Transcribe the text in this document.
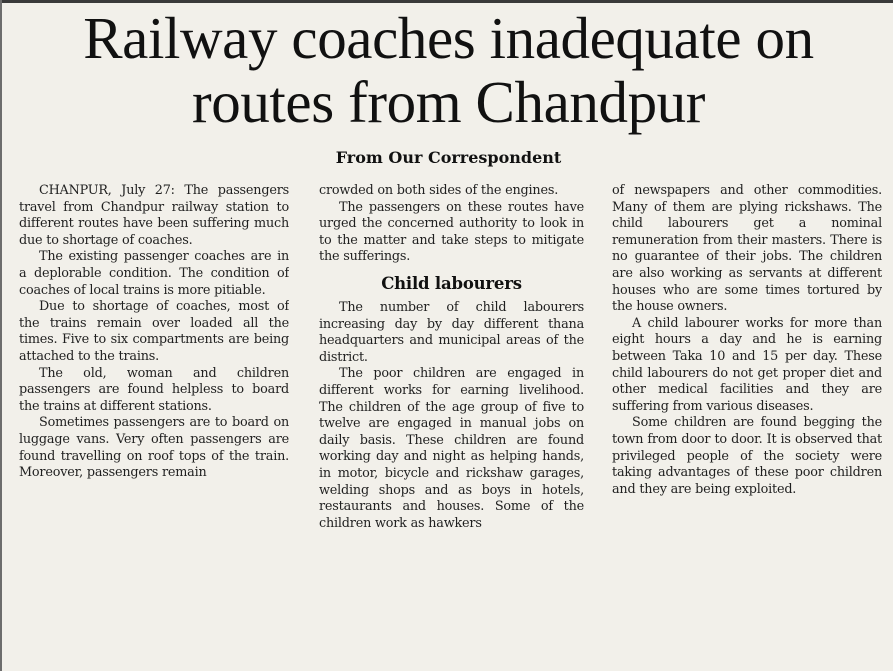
Railway coaches inadequate on
routes from Chandpur
From Our Correspondent

CHANPUR, July 27: The passengers travel from Chandpur railway station to different routes have been suffering much due to shortage of coaches.

The existing passenger coaches are in a deplorable condition. The condition of coaches of local trains is more pitiable.

Due to shortage of coaches, most of the trains remain over loaded all the times. Five to six compartments are being attached to the trains.

The old, woman and children passengers are found helpless to board the trains at different stations.

Sometimes passengers are to board on luggage vans. Very often passengers are found travelling on roof tops of the train. Moreover, passengers remain

crowded on both sides of the engines.

The passengers on these routes have urged the concerned authority to look in to the matter and take steps to mitigate the sufferings.

Child labourers

The number of child labourers increasing day by day different thana headquarters and municipal areas of the district.

The poor children are engaged in different works for earning livelihood. The children of the age group of five to twelve are engaged in manual jobs on daily basis. These children are found working day and night as helping hands, in motor, bicycle and rickshaw garages, welding shops and as boys in hotels, restaurants and houses. Some of the children work as hawkers

of newspapers and other commodities. Many of them are plying rickshaws. The child labourers get a nominal remuneration from their masters. There is no guarantee of their jobs. The children are also working as servants at different houses who are some times tortured by the house owners.

A child labourer works for more than eight hours a day and he is earning between Taka 10 and 15 per day. These child labourers do not get proper diet and other medical facilities and they are suffering from various diseases.

Some children are found begging the town from door to door. It is observed that privileged people of the society were taking advantages of these poor children and they are being exploited.
